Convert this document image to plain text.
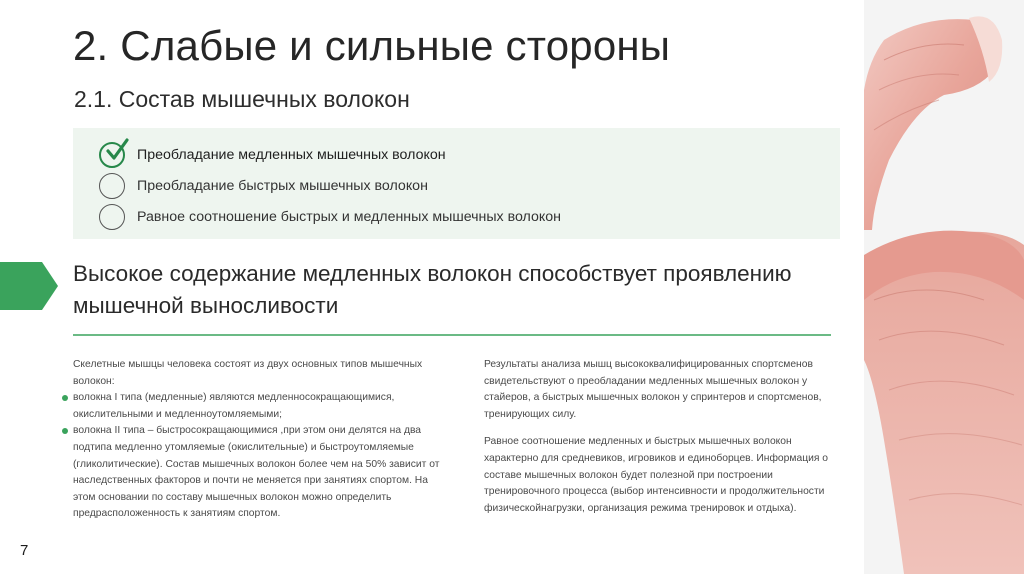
2. Слабые и сильные стороны
2.1. Состав мышечных волокон
Преобладание медленных мышечных волокон
Преобладание быстрых мышечных волокон
Равное соотношение быстрых и медленных мышечных волокон
Высокое содержание медленных волокон способствует проявлению мышечной выносливости

Скелетные мышцы человека состоят из двух основных типов мышечных волокон:

волокна I типа (медленные) являются медленносокращающимися, окислительными и медленноутомляемыми;

волокна II типа – быстросокращающимися ,при этом они делятся на два подтипа медленно утомляемые (окислительные) и быстроутомляемые (гликолитические). Состав мышечных волокон более чем на 50% зависит от наследственных факторов и почти не меняется при занятиях спортом. На этом основании по составу мышечных волокон можно определить предрасположенность к занятиям спортом.

Результаты анализа мышц высококвалифицированных спортсменов свидетельствуют о преобладании медленных мышечных волокон у стайеров, а быстрых мышечных волокон у спринтеров и спортсменов, тренирующих силу.

Равное соотношение медленных и быстрых мышечных волокон характерно для средневиков, игровиков и единоборцев. Информация о составе мышечных волокон будет полезной при построении тренировочного процесса (выбор интенсивности и продолжительности физическойнагрузки, организация режима тренировок и отдыха).

7
